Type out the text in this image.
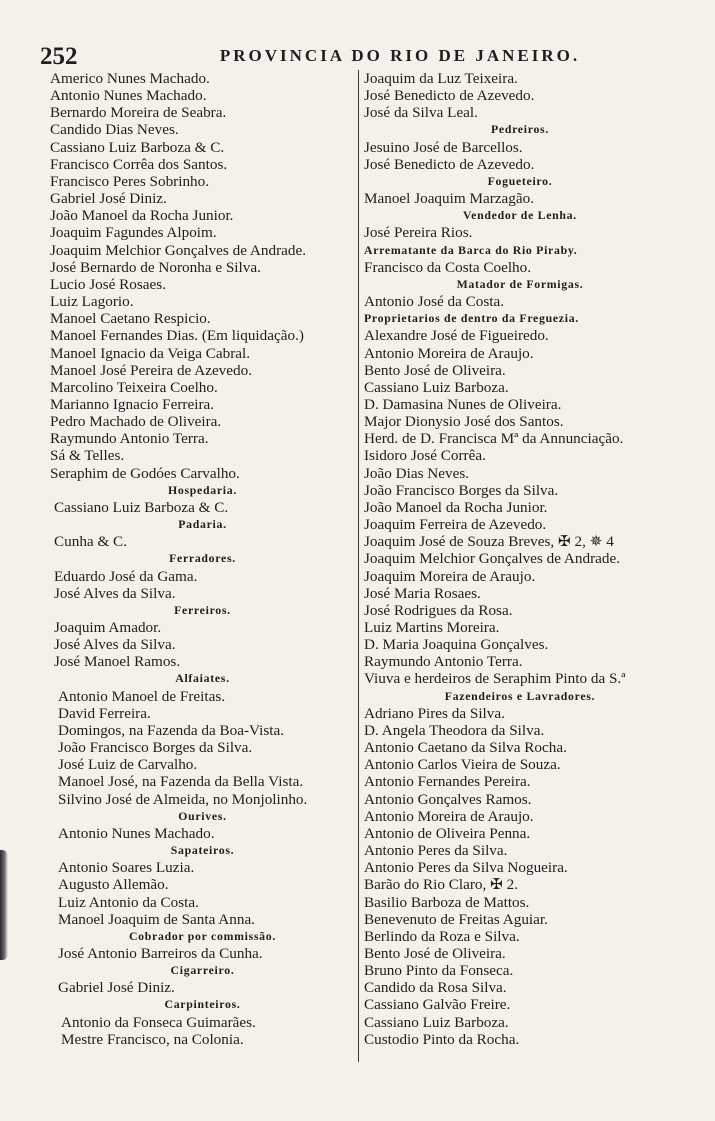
252	PROVINCIA DO RIO DE JANEIRO.
Americo Nunes Machado.
Antonio Nunes Machado.
Bernardo Moreira de Seabra.
Candido Dias Neves.
Cassiano Luiz Barboza & C.
Francisco Corrêa dos Santos.
Francisco Peres Sobrinho.
Gabriel José Diniz.
João Manoel da Rocha Junior.
Joaquim Fagundes Alpoim.
Joaquim Melchior Gonçalves de Andrade.
José Bernardo de Noronha e Silva.
Lucio José Rosaes.
Luiz Lagorio.
Manoel Caetano Respicio.
Manoel Fernandes Dias. (Em liquidação.)
Manoel Ignacio da Veiga Cabral.
Manoel José Pereira de Azevedo.
Marcolino Teixeira Coelho.
Marianno Ignacio Ferreira.
Pedro Machado de Oliveira.
Raymundo Antonio Terra.
Sá & Telles.
Seraphim de Godóes Carvalho.
Hospedaria.
Cassiano Luiz Barboza & C.
Padaria.
Cunha & C.
Ferradores.
Eduardo José da Gama.
José Alves da Silva.
Ferreiros.
Joaquim Amador.
José Alves da Silva.
José Manoel Ramos.
Alfaiates.
Antonio Manoel de Freitas.
David Ferreira.
Domingos, na Fazenda da Boa-Vista.
João Francisco Borges da Silva.
José Luiz de Carvalho.
Manoel José, na Fazenda da Bella Vista.
Silvino José de Almeida, no Monjolinho.
Ourives.
Antonio Nunes Machado.
Sapateiros.
Antonio Soares Luzia.
Augusto Allemão.
Luiz Antonio da Costa.
Manoel Joaquim de Santa Anna.
Cobrador por commissão.
José Antonio Barreiros da Cunha.
Cigarreiro.
Gabriel José Diniz.
Carpinteiros.
Antonio da Fonseca Guimarães.
Mestre Francisco, na Colonia.
Joaquim da Luz Teixeira.
José Benedicto de Azevedo.
José da Silva Leal.
Pedreiros.
Jesuino José de Barcellos.
José Benedicto de Azevedo.
Fogueteiro.
Manoel Joaquim Marzagão.
Vendedor de Lenha.
José Pereira Rios.
Arrematante da Barca do Rio Piraby.
Francisco da Costa Coelho.
Matador de Formigas.
Antonio José da Costa.
Proprietarios de dentro da Freguezia.
Alexandre José de Figueiredo.
Antonio Moreira de Araujo.
Bento José de Oliveira.
Cassiano Luiz Barboza.
D. Damasina Nunes de Oliveira.
Major Dionysio José dos Santos.
Herd. de D. Francisca Mª da Annunciação.
Isidoro José Corrêa.
João Dias Neves.
João Francisco Borges da Silva.
João Manoel da Rocha Junior.
Joaquim Ferreira de Azevedo.
Joaquim José de Souza Breves, ✠ 2, ✵ 4
Joaquim Melchior Gonçalves de Andrade.
Joaquim Moreira de Araujo.
José Maria Rosaes.
José Rodrigues da Rosa.
Luiz Martins Moreira.
D. Maria Joaquina Gonçalves.
Raymundo Antonio Terra.
Viuva e herdeiros de Seraphim Pinto da S.ª
Fazendeiros e Lavradores.
Adriano Pires da Silva.
D. Angela Theodora da Silva.
Antonio Caetano da Silva Rocha.
Antonio Carlos Vieira de Souza.
Antonio Fernandes Pereira.
Antonio Gonçalves Ramos.
Antonio Moreira de Araujo.
Antonio de Oliveira Penna.
Antonio Peres da Silva.
Antonio Peres da Silva Nogueira.
Barão do Rio Claro, ✠ 2.
Basilio Barboza de Mattos.
Benevenuto de Freitas Aguiar.
Berlindo da Roza e Silva.
Bento José de Oliveira.
Bruno Pinto da Fonseca.
Candido da Rosa Silva.
Cassiano Galvão Freire.
Cassiano Luiz Barboza.
Custodio Pinto da Rocha.
